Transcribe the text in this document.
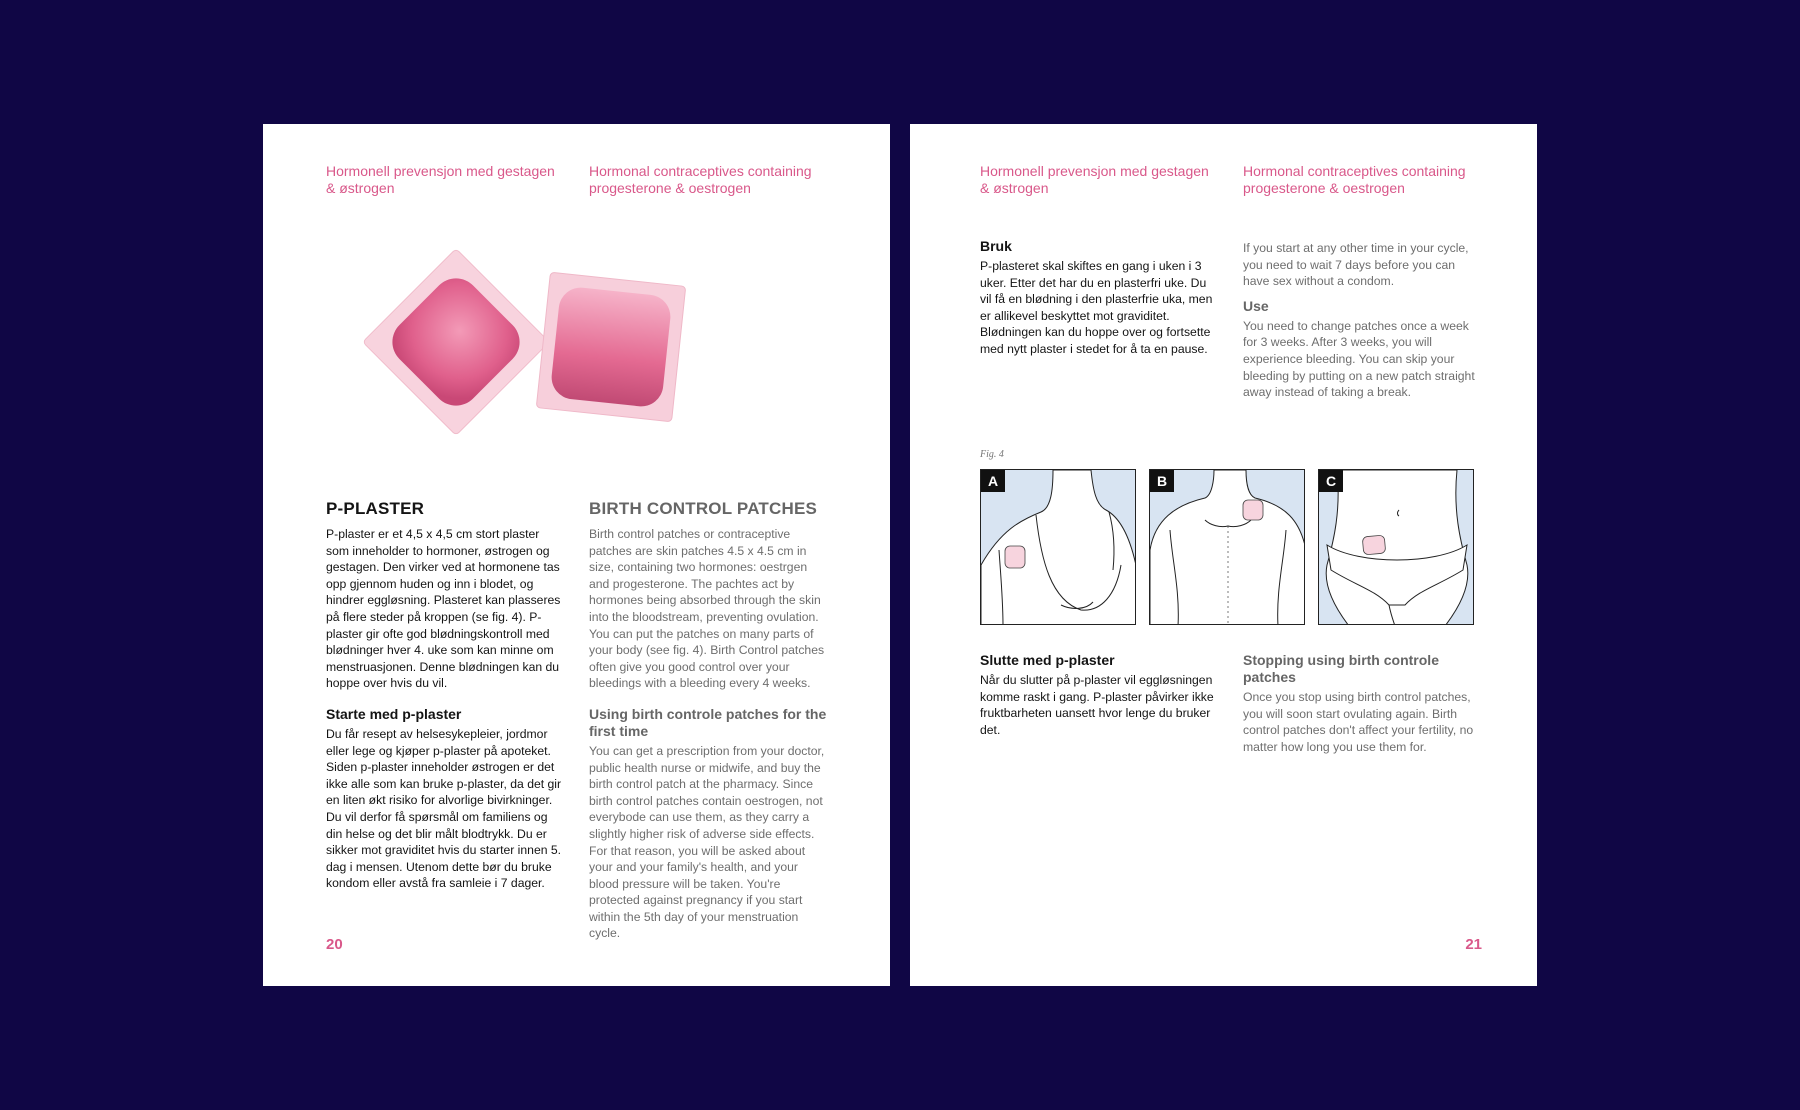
Hormonell prevensjon med gestagen & østrogen

Hormonal contraceptives containing progesterone & oestrogen

P-PLASTER

P-plaster er et 4,5 x 4,5 cm stort plaster som inneholder to hormoner, østrogen og gestagen. Den virker ved at hormonene tas opp gjennom huden og inn i blodet, og hindrer eggløsning. Plasteret kan plasseres på flere steder på kroppen (se fig. 4). P-plaster gir ofte god blødningskontroll med blødninger hver 4. uke som kan minne om menstruasjonen. Denne blødningen kan du hoppe over hvis du vil.

Starte med p-plaster

Du får resept av helsesykepleier, jordmor eller lege og kjøper p-plaster på apoteket. Siden p-plaster inneholder østrogen er det ikke alle som kan bruke p-plaster, da det gir en liten økt risiko for alvorlige bivirkninger. Du vil derfor få spørsmål om familiens og din helse og det blir målt blodtrykk. Du er sikker mot graviditet hvis du starter innen 5. dag i mensen. Utenom dette bør du bruke kondom eller avstå fra samleie i 7 dager.

BIRTH CONTROL PATCHES

Birth control patches or contraceptive patches are skin patches 4.5 x 4.5 cm in size, containing two hormones: oestrgen and progesterone. The pachtes act by hormones being absorbed through the skin into the bloodstream, preventing ovulation. You can put the patches on many parts of your body (see fig. 4). Birth Control patches often give you good control over your bleedings with a bleeding every 4 weeks.

Using birth controle patches for the first time

You can get a prescription from your doctor, public health nurse or midwife, and buy the birth control patch at the pharmacy. Since birth control patches contain oestrogen, not everybode can use them, as they carry a slightly higher risk of adverse side effects. For that reason, you will be asked about your and your family's health, and your blood pressure will be taken. You're protected against pregnancy if you start within the 5th day of your menstruation cycle.

20

Hormonell prevensjon med gestagen & østrogen

Hormonal contraceptives containing progesterone & oestrogen

Bruk

P-plasteret skal skiftes en gang i uken i 3 uker. Etter det har du en plasterfri uke. Du vil få en blødning i den plasterfrie uka, men er allikevel beskyttet mot graviditet. Blødningen kan du hoppe over og fortsette med nytt plaster i stedet for å ta en pause.

If you start at any other time in your cycle, you need to wait 7 days before you can have sex without a condom.

Use

You need to change patches once a week for 3 weeks. After 3 weeks, you will experience bleeding. You can skip your bleeding by putting on a new patch straight away instead of taking a break.

Fig. 4
A	B	C

Slutte med p-plaster

Når du slutter på p-plaster vil eggløsningen komme raskt i gang. P-plaster påvirker ikke fruktbarheten uansett hvor lenge du bruker det.

Stopping using birth controle patches

Once you stop using birth control patches, you will soon start ovulating again. Birth control patches don't affect your fertility, no matter how long you use them for.

21
